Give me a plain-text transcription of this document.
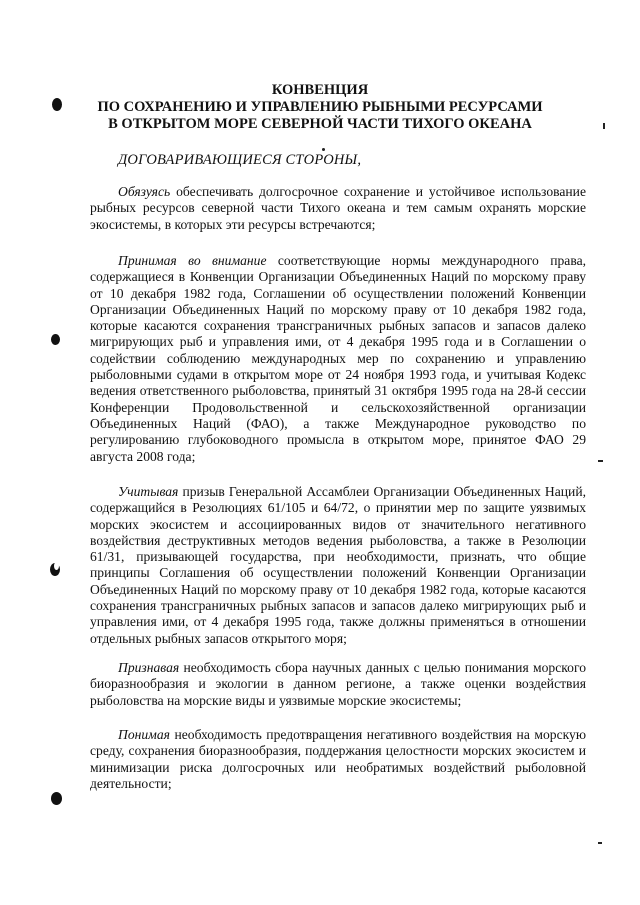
КОНВЕНЦИЯ
ПО СОХРАНЕНИЮ И УПРАВЛЕНИЮ РЫБНЫМИ РЕСУРСАМИ
В ОТКРЫТОМ МОРЕ СЕВЕРНОЙ ЧАСТИ ТИХОГО ОКЕАНА
ДОГОВАРИВАЮЩИЕСЯ СТОРОНЫ,
Обязуясь обеспечивать долгосрочное сохранение и устойчивое использование рыбных ресурсов северной части Тихого океана и тем самым охранять морские экосистемы, в которых эти ресурсы встречаются;
Принимая во внимание соответствующие нормы международного права, содержащиеся в Конвенции Организации Объединенных Наций по морскому праву от 10 декабря 1982 года, Соглашении об осуществлении положений Конвенции Организации Объединенных Наций по морскому праву от 10 декабря 1982 года, которые касаются сохранения трансграничных рыбных запасов и запасов далеко мигрирующих рыб и управления ими, от 4 декабря 1995 года и в Соглашении о содействии соблюдению международных мер по сохранению и управлению рыболовными судами в открытом море от 24 ноября 1993 года, и учитывая Кодекс ведения ответственного рыболовства, принятый 31 октября 1995 года на 28-й сессии Конференции Продовольственной и сельскохозяйственной организации Объединенных Наций (ФАО), а также Международное руководство по регулированию глубоководного промысла в открытом море, принятое ФАО 29 августа 2008 года;
Учитывая призыв Генеральной Ассамблеи Организации Объединенных Наций, содержащийся в Резолюциях 61/105 и 64/72, о принятии мер по защите уязвимых морских экосистем и ассоциированных видов от значительного негативного воздействия деструктивных методов ведения рыболовства, а также в Резолюции 61/31, призывающей государства, при необходимости, признать, что общие принципы Соглашения об осуществлении положений Конвенции Организации Объединенных Наций по морскому праву от 10 декабря 1982 года, которые касаются сохранения трансграничных рыбных запасов и запасов далеко мигрирующих рыб и управления ими, от 4 декабря 1995 года, также должны применяться в отношении отдельных рыбных запасов открытого моря;
Признавая необходимость сбора научных данных с целью понимания морского биоразнообразия и экологии в данном регионе, а также оценки воздействия рыболовства на морские виды и уязвимые морские экосистемы;
Понимая необходимость предотвращения негативного воздействия на морскую среду, сохранения биоразнообразия, поддержания целостности морских экосистем и минимизации риска долгосрочных или необратимых воздействий рыболовной деятельности;
